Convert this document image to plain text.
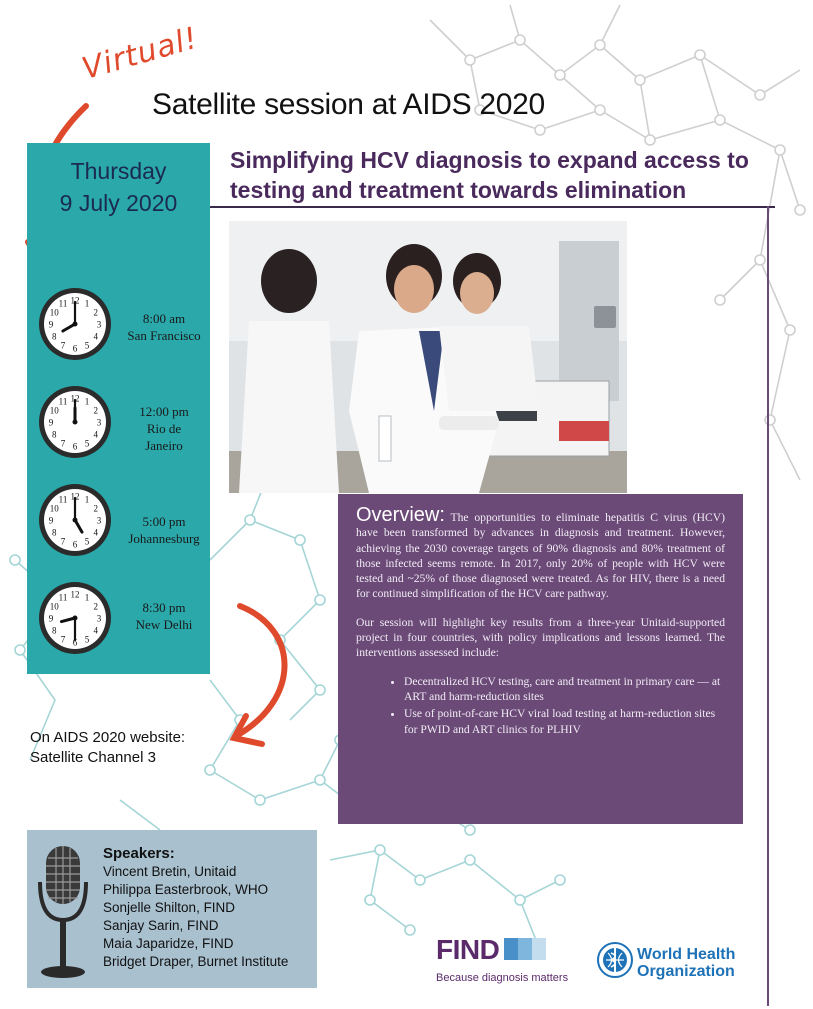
Virtual!
Satellite session at AIDS 2020
Simplifying HCV diagnosis to expand access to testing and treatment towards elimination
Thursday
9 July 2020
1
2
3
4
5
6
7
8
9
10
11 12
8:00 am
San Francisco
1
2
3
4
5
6
7
8
9
10
11 12
12:00 pm
Rio de Janeiro
1
2
3
4
5
6
7
8
9
10
11 12
5:00 pm
Johannesburg
1
2
3
4
5
6
7
8
9
10
11 12
8:30 pm
New Delhi

Overview: The opportunities to eliminate hepatitis C virus (HCV) have been transformed by advances in diagnosis and treatment. However, achieving the 2030 coverage targets of 90% diagnosis and 80% treatment of those infected seems remote. In 2017, only 20% of people with HCV were tested and ~25% of those diagnosed were treated. As for HIV, there is a need for continued simplification of the HCV care pathway.

Our session will highlight key results from a three-year Unitaid-supported project in four countries, with policy implications and lessons learned. The interventions assessed include:

• Decentralized HCV testing, care and treatment in primary care — at ART and harm-reduction sites
• Use of point-of-care HCV viral load testing at harm-reduction sites for PWID and ART clinics for PLHIV
On AIDS 2020 website:
Satellite Channel 3
Speakers:
Vincent Bretin, Unitaid
Philippa Easterbrook, WHO
Sonjelle Shilton, FIND
Sanjay Sarin, FIND
Maia Japaridze, FIND
Bridget Draper, Burnet Institute	FIND
Because diagnosis matters
World Health
Organization
